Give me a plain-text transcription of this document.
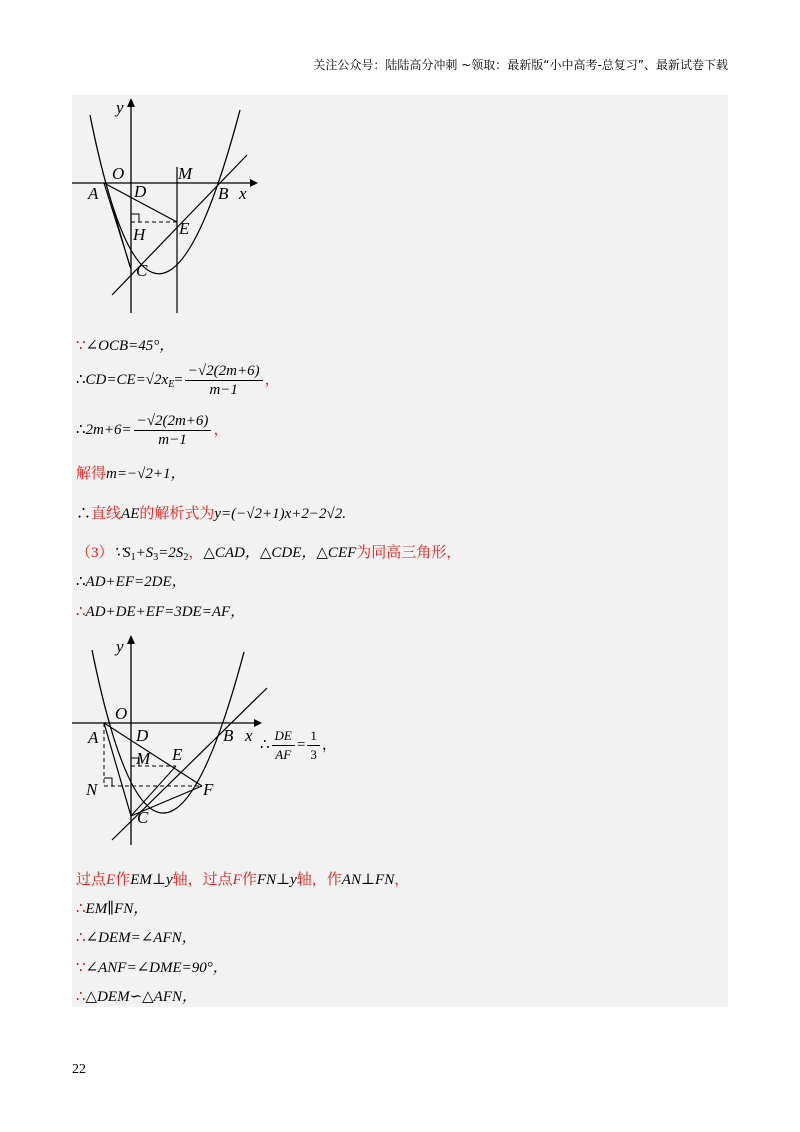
关注公众号：陆陆高分冲刺 ~领取：最新版“小中高考-总复习”、最新试卷下载
y
O	M
A D	B x
H E
C
∵∠OCB=45°，
$\therefore CD=CE=√2x_E= \frac{-√2(2m+6)}{m-1}$ ，
∴2m+6= $\frac{-√2(2m+6)}{m-1}$ ，
解得m=−√2+1，
∴直线AE的解析式为y=(−√2+1)x+2−2√2.
$(3)\because S_1+S_3=2S_2$，△CAD，△CDE，△CEF为同高三角形，
∴AD+EF=2DE，
∴AD+DE+EF=3DE=AF，
y
O
A D	B x
M E
N	F
C
∴ $\frac{DE}{AF} = \frac{1}{3}$ ，
过点E作EM⊥y轴，过点F作FN⊥y轴，作AN⊥FN，
∴EM∥FN，
∴∠DEM=∠AFN，
∵∠ANF=∠DME=90°，
∴△DEM∽△AFN，
22
